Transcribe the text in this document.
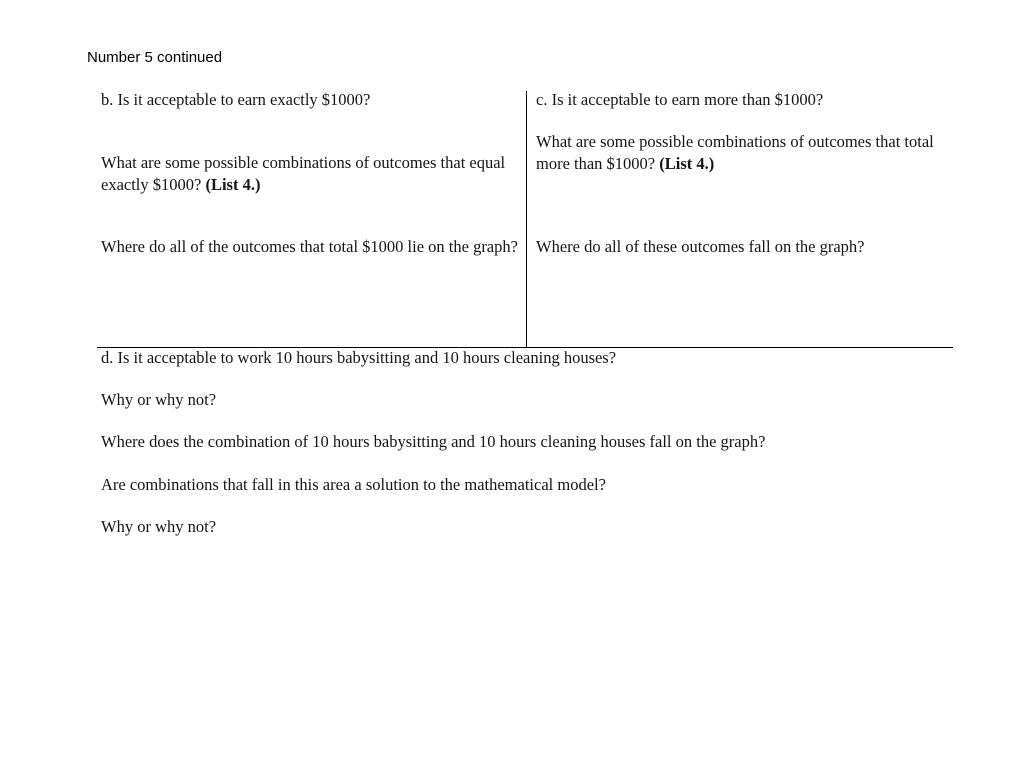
Number 5 continued

b. Is it acceptable to earn exactly $1000?

What are some possible combinations of outcomes that equal exactly $1000? (List 4.)

Where do all of the outcomes that total $1000 lie on the graph?

c. Is it acceptable to earn more than $1000?

What are some possible combinations of outcomes that total more than $1000? (List 4.)

Where do all of these outcomes fall on the graph?

d. Is it acceptable to work 10 hours babysitting and 10 hours cleaning houses?

Why or why not?

Where does the combination of 10 hours babysitting and 10 hours cleaning houses fall on the graph?

Are combinations that fall in this area a solution to the mathematical model?

Why or why not?
